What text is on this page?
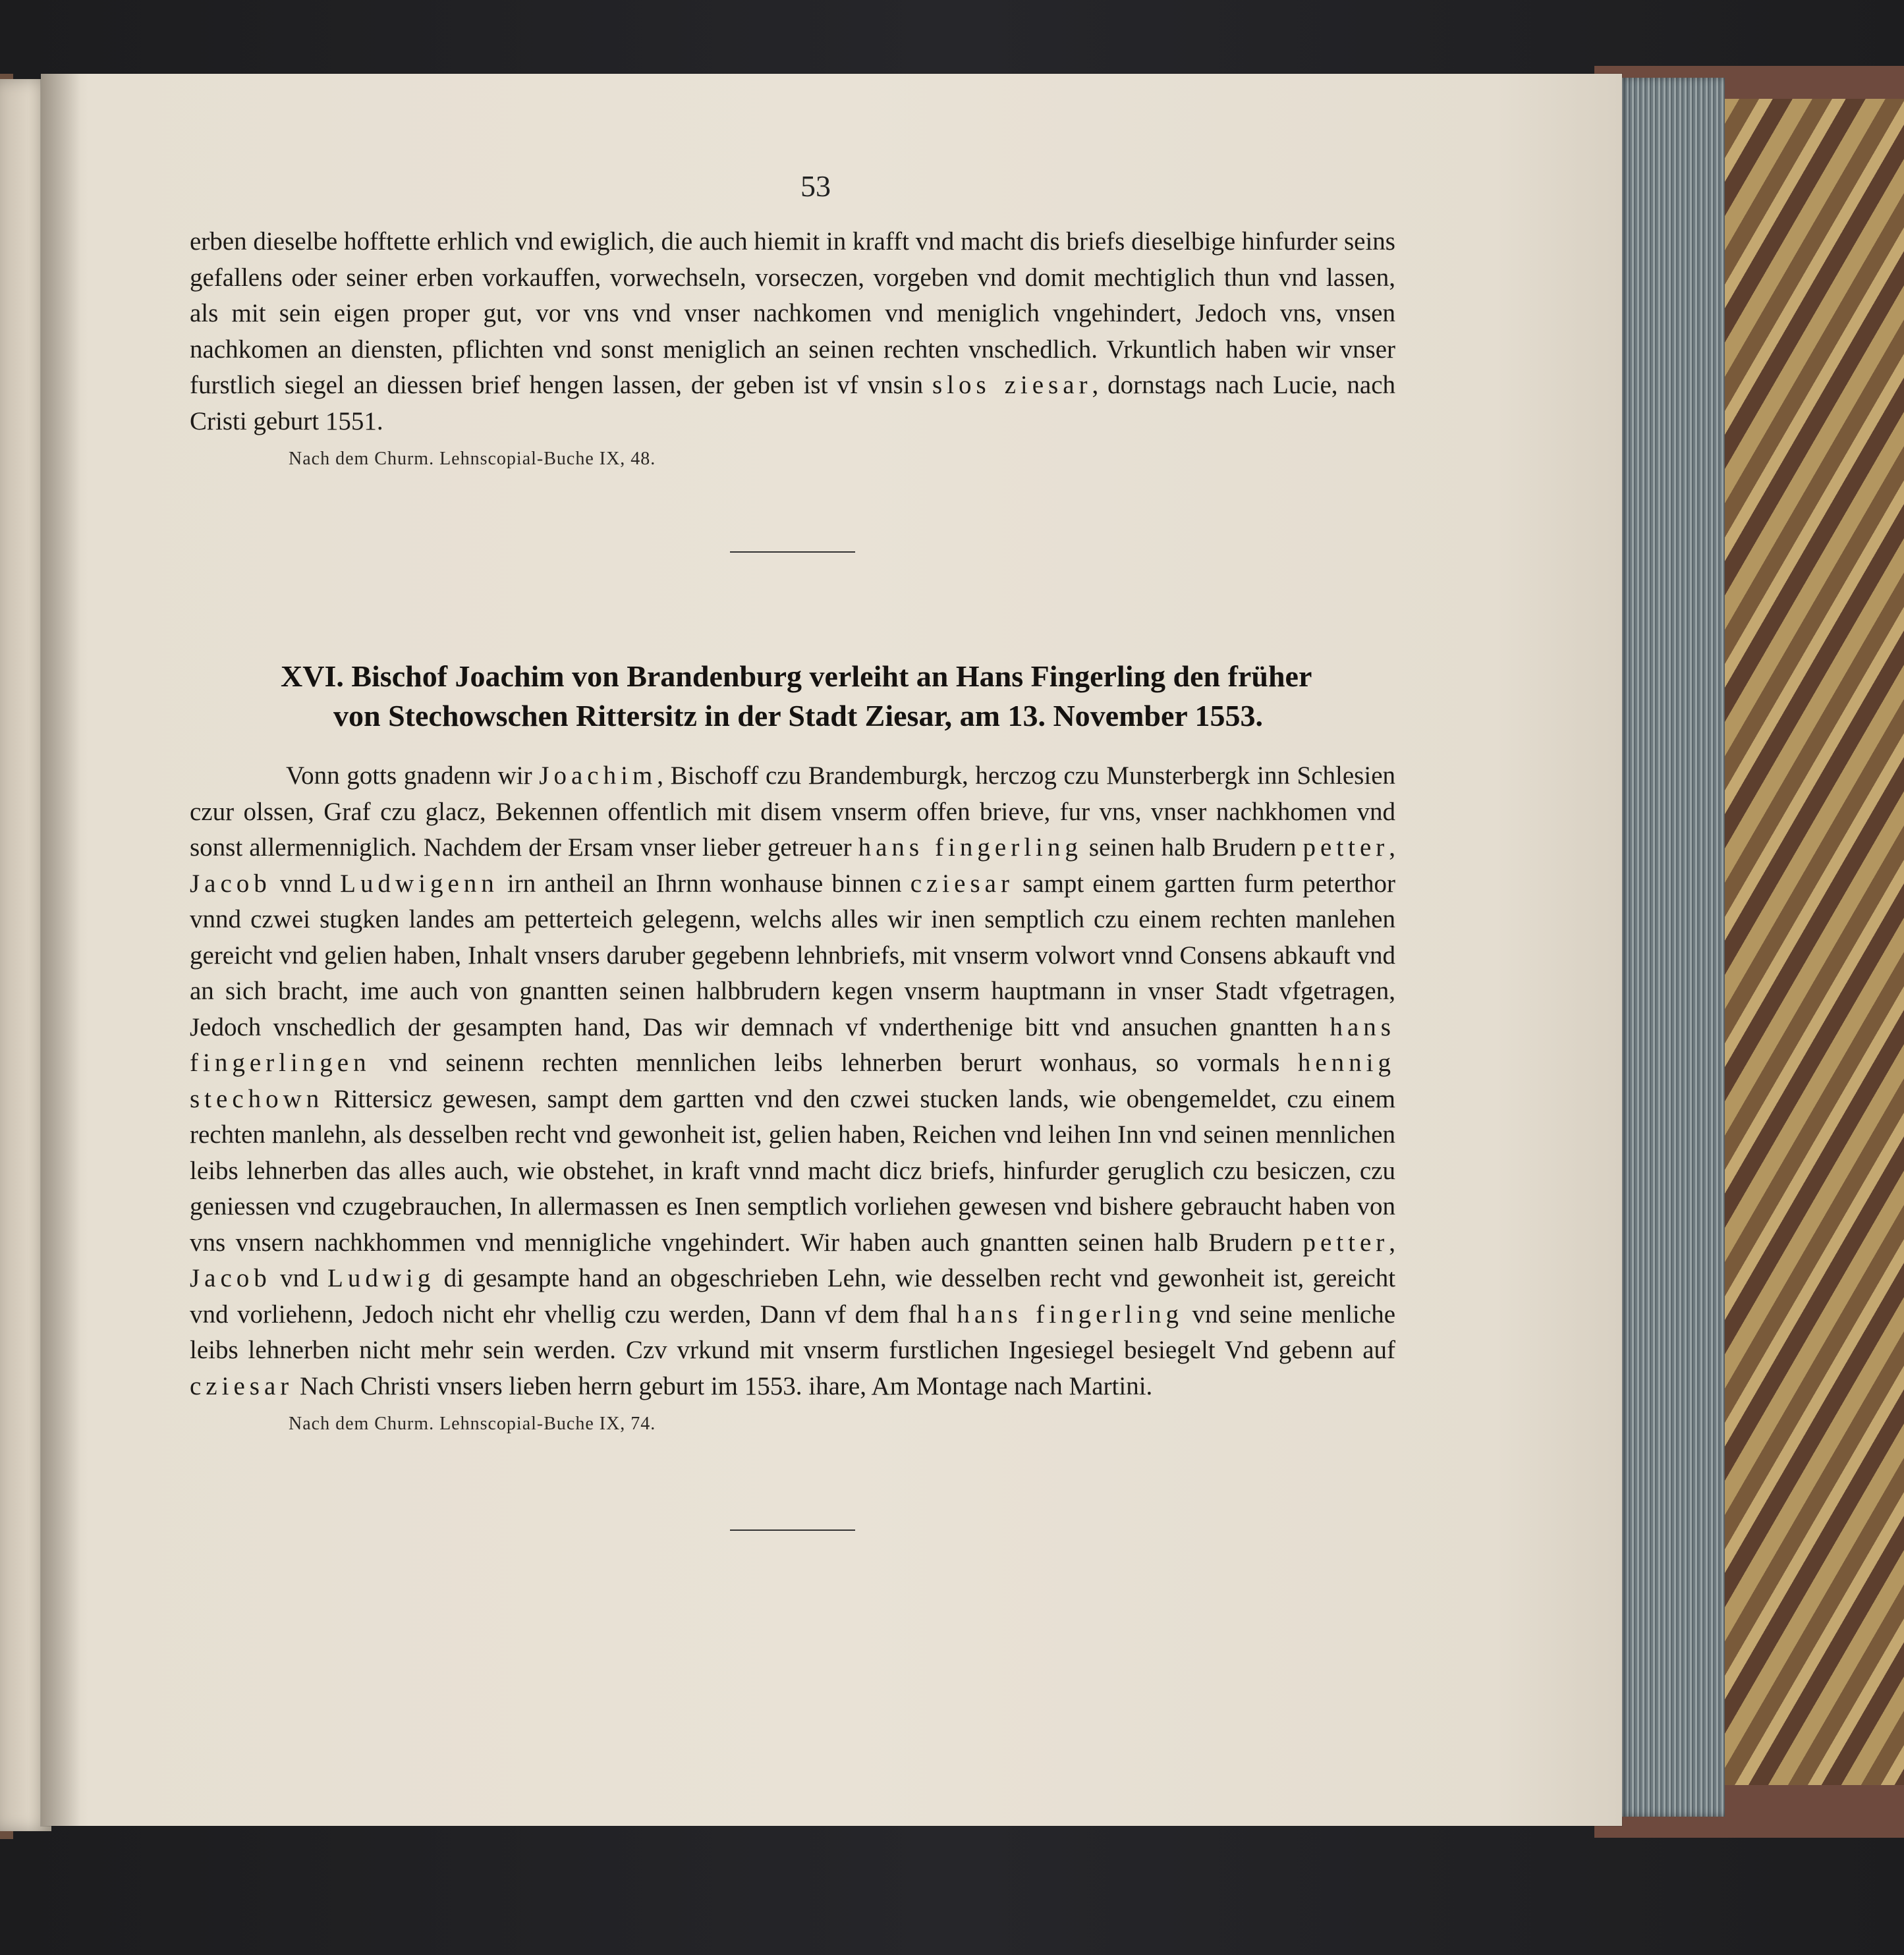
53

erben dieselbe hofftette erhlich vnd ewiglich, die auch hiemit in krafft vnd macht dis briefs dieselbige hinfurder seins gefallens oder seiner erben vorkauffen, vorwechseln, vorseczen, vorgeben vnd domit mechtiglich thun vnd lassen, als mit sein eigen proper gut, vor vns vnd vnser nachkomen vnd meniglich vngehindert, Jedoch vns, vnsen nachkomen an diensten, pflichten vnd sonst meniglich an seinen rechten vnschedlich. Vrkuntlich haben wir vnser furstlich siegel an diessen brief hengen lassen, der geben ist vf vnsin slos ziesar, dornstags nach Lucie, nach Cristi geburt 1551.

Nach dem Churm. Lehnscopial-Buche IX, 48.

XVI. Bischof Joachim von Brandenburg verleiht an Hans Fingerling den früher

von Stechowschen Rittersitz in der Stadt Ziesar, am 13. November 1553.

Vonn gotts gnadenn wir Joachim, Bischoff czu Brandemburgk, herczog czu Munsterbergk inn Schlesien czur olssen, Graf czu glacz, Bekennen offentlich mit disem vnserm offen brieve, fur vns, vnser nachkhomen vnd sonst allermenniglich. Nachdem der Ersam vnser lieber getreuer hans fingerling seinen halb Brudern petter, Jacob vnnd Ludwigenn irn antheil an Ihrnn wonhause binnen cziesar sampt einem gartten furm peterthor vnnd czwei stugken landes am petterteich gelegenn, welchs alles wir inen semptlich czu einem rechten manlehen gereicht vnd gelien haben, Inhalt vnsers daruber gegebenn lehnbriefs, mit vnserm volwort vnnd Consens abkauft vnd an sich bracht, ime auch von gnantten seinen halbbrudern kegen vnserm hauptmann in vnser Stadt vfgetragen, Jedoch vnschedlich der gesampten hand, Das wir demnach vf vnderthenige bitt vnd ansuchen gnantten hans fingerlingen vnd seinenn rechten mennlichen leibs lehnerben berurt wonhaus, so vormals hennig stechown Rittersicz gewesen, sampt dem gartten vnd den czwei stucken lands, wie obengemeldet, czu einem rechten manlehn, als desselben recht vnd gewonheit ist, gelien haben, Reichen vnd leihen Inn vnd seinen mennlichen leibs lehnerben das alles auch, wie obstehet, in kraft vnnd macht dicz briefs, hinfurder geruglich czu besiczen, czu geniessen vnd czugebrauchen, In allermassen es Inen semptlich vorliehen gewesen vnd bishere gebraucht haben von vns vnsern nachkhommen vnd mennigliche vngehindert. Wir haben auch gnantten seinen halb Brudern petter, Jacob vnd Ludwig di gesampte hand an obgeschrieben Lehn, wie desselben recht vnd gewonheit ist, gereicht vnd vorliehenn, Jedoch nicht ehr vhellig czu werden, Dann vf dem fhal hans fingerling vnd seine menliche leibs lehnerben nicht mehr sein werden. Czv vrkund mit vnserm furstlichen Ingesiegel besiegelt Vnd gebenn auf cziesar Nach Christi vnsers lieben herrn geburt im 1553. ihare, Am Montage nach Martini.

Nach dem Churm. Lehnscopial-Buche IX, 74.
